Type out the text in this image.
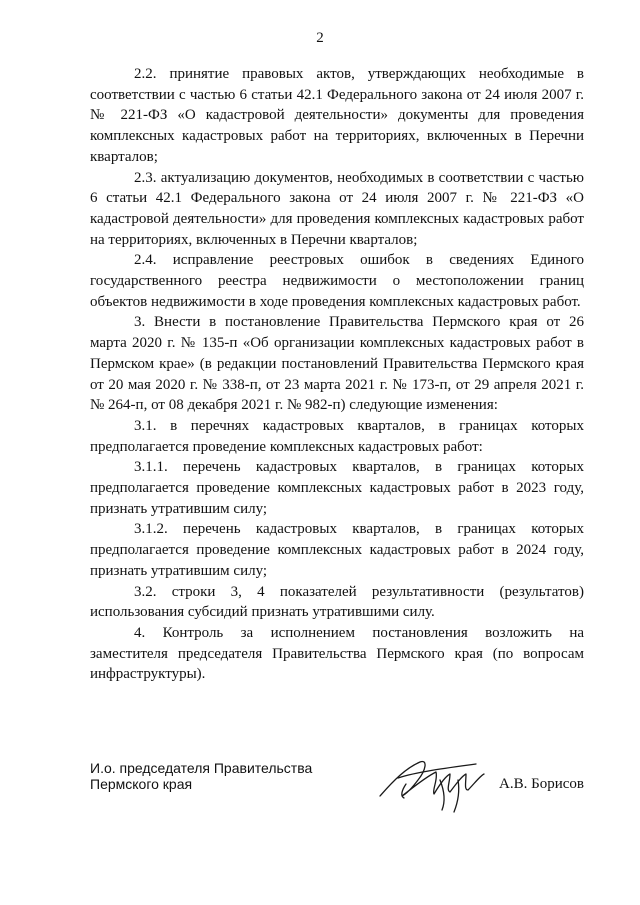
2

2.2. принятие правовых актов, утверждающих необходимые в соответствии с частью 6 статьи 42.1 Федерального закона от 24 июля 2007 г. № 221-ФЗ «О кадастровой деятельности» документы для проведения комплексных кадастровых работ на территориях, включенных в Перечни кварталов;

2.3. актуализацию документов, необходимых в соответствии с частью 6 статьи 42.1 Федерального закона от 24 июля 2007 г. № 221-ФЗ «О кадастровой деятельности» для проведения комплексных кадастровых работ на территориях, включенных в Перечни кварталов;

2.4. исправление реестровых ошибок в сведениях Единого государственного реестра недвижимости о местоположении границ объектов недвижимости в ходе проведения комплексных кадастровых работ.

3. Внести в постановление Правительства Пермского края от 26 марта 2020 г. № 135-п «Об организации комплексных кадастровых работ в Пермском крае» (в редакции постановлений Правительства Пермского края от 20 мая 2020 г. № 338-п, от 23 марта 2021 г. № 173-п, от 29 апреля 2021 г. № 264-п, от 08 декабря 2021 г. № 982-п) следующие изменения:

3.1. в перечнях кадастровых кварталов, в границах которых предполагается проведение комплексных кадастровых работ:

3.1.1. перечень кадастровых кварталов, в границах которых предполагается проведение комплексных кадастровых работ в 2023 году, признать утратившим силу;

3.1.2. перечень кадастровых кварталов, в границах которых предполагается проведение комплексных кадастровых работ в 2024 году, признать утратившим силу;

3.2. строки 3, 4 показателей результативности (результатов) использования субсидий признать утратившими силу.

4. Контроль за исполнением постановления возложить на заместителя председателя Правительства Пермского края (по вопросам инфраструктуры).

И.о. председателя Правительства
Пермского края	А.В. Борисов
